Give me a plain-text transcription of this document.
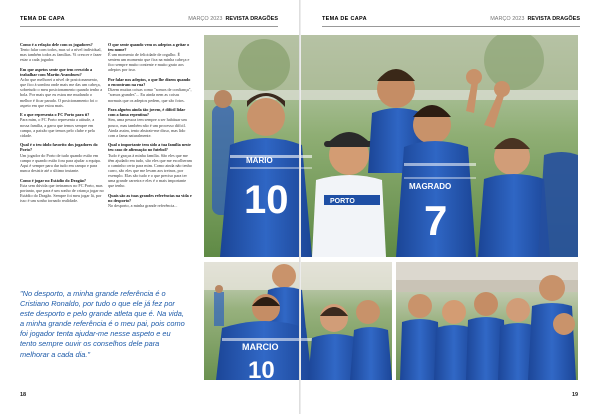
TEMA DE CAPA	MARÇO 2023 REVISTA DRAGÕES	TEMA DE CAPA	MARÇO 2023 REVISTA DRAGÕES
Como é a relação dele com os jogadores?
Tento falar com todos, mas só a nível individual, mas também todos as famílias. Vi crescer e fazer estar a cada jogador.
Em que aspetos sente que tem crescido a trabalhar com Martin Aramburu?
Acho que melhorei a nível de posicionamento, que fico à sombra onde mais me das um cabeça, sobretudo o meu posicionamento quando tenho a bola. Por mais que eu estou me mudando o melhor é ficar parado. O posicionamento foi o aspeto em que estou mais.
E o que representa o FC Porto para ti?
Para mim, o FC Porto representa a atitude, a nossa família, a garra que temos sempre em campo, a paixão que temos pelo clube e pela cidade.
Qual é o teu ídolo favorito dos jogadores do Porto?
Um jogador do Porto de tudo quando estão em campo e quando estão fora para ajudar a equipa. Aqui é sempre para dar tudo em campo e para nunca desistir até o último instante.
Como é jogar no Estádio do Dragão?
Esta sem dúvida que treinamos no FC Porto, mas portanto, que para é um sonho de criança jogar no Estádio do Dragão. Sempre foi meu jogar lá, por isso é um sonho tornado realidade.
O que sente quando vem os adeptos a gritar o teu nome?
É um momento de felicidade de orgulho. É sentem um momento que fica na minha cabeça e fico sempre muito contente e muito grato aos adeptos por isso.
Por falar nos adeptos, o que lhe dizem quando o encontram na rua?
Dizem muitas coisas como "somos de confiança", "somos grandes"... Eu ainda nem as coisas normais que os adeptos pedem, que são fotos.
Para alguém ainda tão jovem, é difícil lidar com a fama repentina?
Sim, uma pessoa tem sempre a ser habituar um pouco, mas também não é um processo difícil. Ainda assim, tento abstrair-me disso, mas lido com a fama naturalmente.
Qual o importante tem sido a tua família neste teu caso de afirmação no futebol?
Tudo é graças à minha família. São eles que me têm ajudado em tudo, são eles que me escolheram o caminho certo para mim. Como ainda não tenho carro, são eles que me levam aos treinos, por exemplo. Elas são tudo e o que preciso para ter uma grande carreira e eles é o mais importante que tenho.
Quais são as tuas grandes referências na vida e no desporto?
No desporto, a minha grande referência...
MARIO
10	PORTO
MAGRADO
7
MARCIO
10
"No desporto, a minha grande referência é o Cristiano Ronaldo, por tudo o que ele já fez por este desporto e pelo grande atleta que é. Na vida, a minha grande referência é o meu pai, pois como foi jogador tenta ajudar-me nesse aspeto e eu tento sempre ouvir os conselhos dele para melhorar a cada dia."
18	19
